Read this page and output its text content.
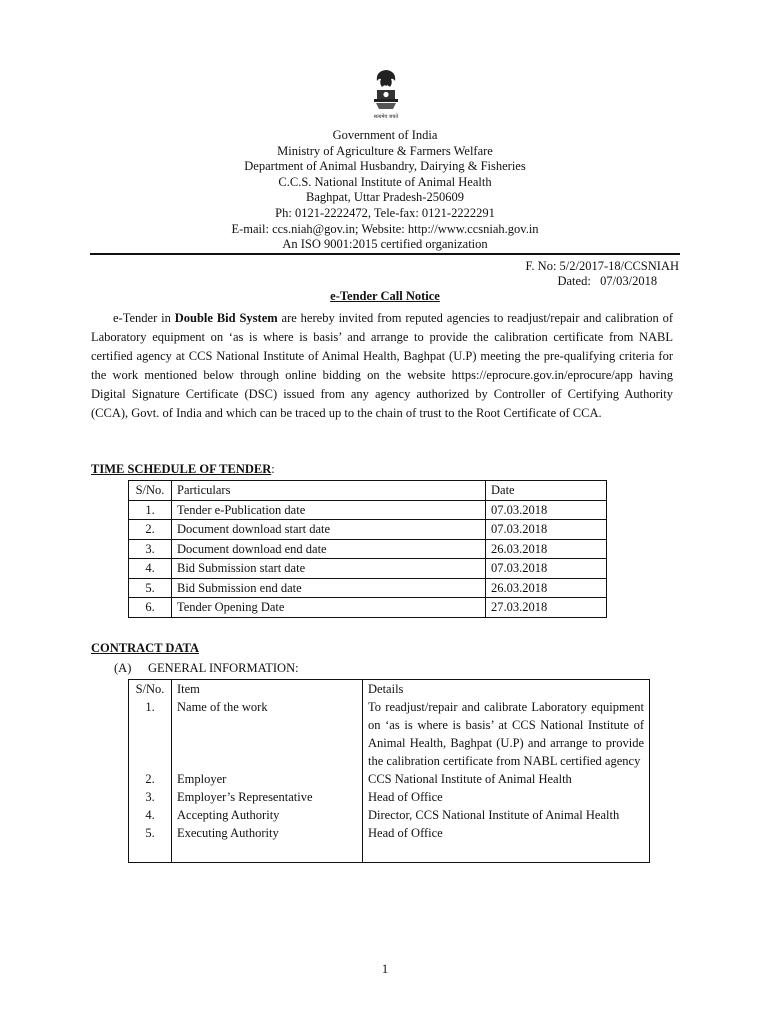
सत्यमेव जयते
Government of India
Ministry of Agriculture & Farmers Welfare
Department of Animal Husbandry, Dairying & Fisheries
C.C.S. National Institute of Animal Health
Baghpat, Uttar Pradesh-250609
Ph: 0121-2222472, Tele-fax: 0121-2222291
E-mail: ccs.niah@gov.in; Website: http://www.ccsniah.gov.in
An ISO 9001:2015 certified organization
F. No: 5/2/2017-18/CCSNIAH
Dated:   07/03/2018
e-Tender Call Notice
e-Tender in Double Bid System are hereby invited from reputed agencies to readjust/repair and calibration of Laboratory equipment on ‘as is where is basis’ and arrange to provide the calibration certificate from NABL certified agency at CCS National Institute of Animal Health, Baghpat (U.P) meeting the pre-qualifying criteria for the work mentioned below through online bidding on the website https://eprocure.gov.in/eprocure/app having Digital Signature Certificate (DSC) issued from any agency authorized by Controller of Certifying Authority (CCA), Govt. of India and which can be traced up to the chain of trust to the Root Certificate of CCA.
TIME SCHEDULE OF TENDER:
S/No.	Particulars	Date
1.	Tender e-Publication date	07.03.2018
2.	Document download start date	07.03.2018
3.	Document download end date	26.03.2018
4.	Bid Submission start date	07.03.2018
5.	Bid Submission end date	26.03.2018
6.	Tender Opening Date	27.03.2018
CONTRACT DATA
(A) GENERAL INFORMATION:
S/No.	Item	Details
1.	Name of the work	To readjust/repair and calibrate Laboratory equipment on ‘as is where is basis’ at CCS National Institute of Animal Health, Baghpat (U.P) and arrange to provide the calibration certificate from NABL certified agency
2.	Employer	CCS National Institute of Animal Health
3.	Employer’s Representative	Head of Office
4.	Accepting Authority	Director, CCS National Institute of Animal Health
5.	Executing Authority	Head of Office

1
